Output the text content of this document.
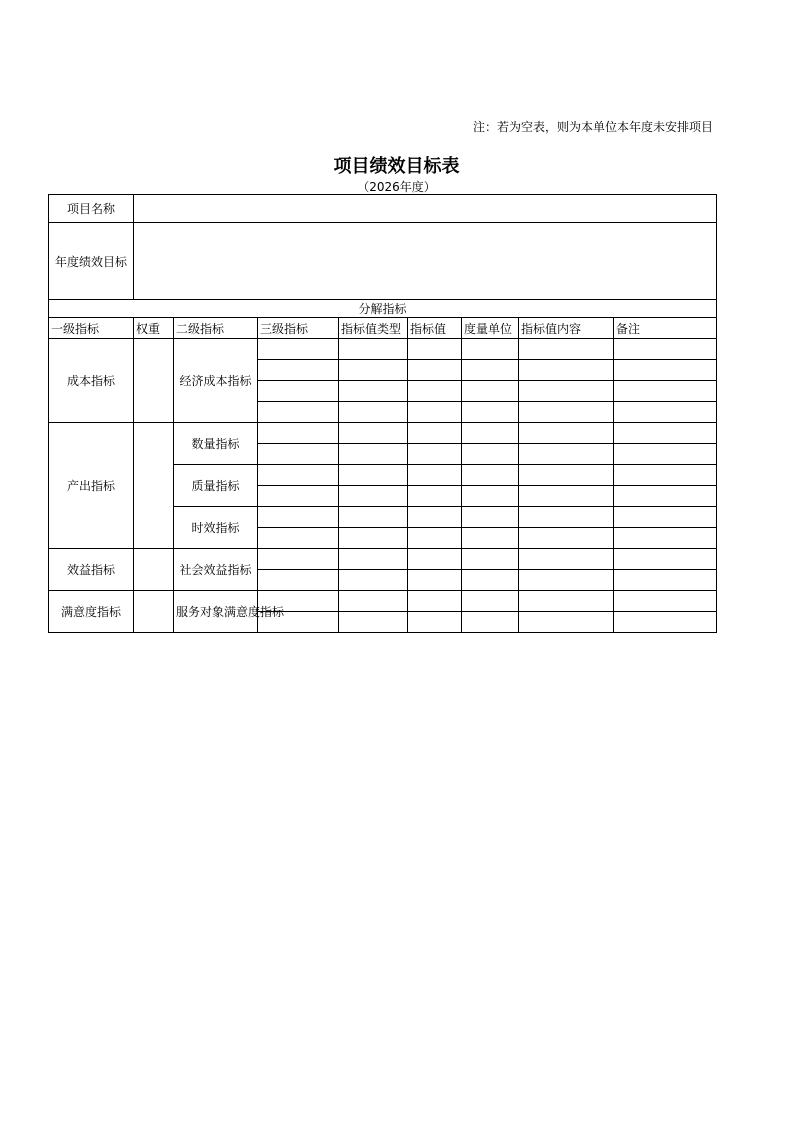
注：若为空表，则为本单位本年度未安排项目
项目绩效目标表
（2026年度）
项目名称								
年度绩效目标								
分解指标								
一级指标	权重	二级指标	三级指标	指标值类型	指标值	度量单位	指标值内容	备注
成本指标		经济成本指标						

产出指标		数量指标						

		质量指标						

		时效指标						

效益指标		社会效益指标						

满意度指标		服务对象满意度指标						
